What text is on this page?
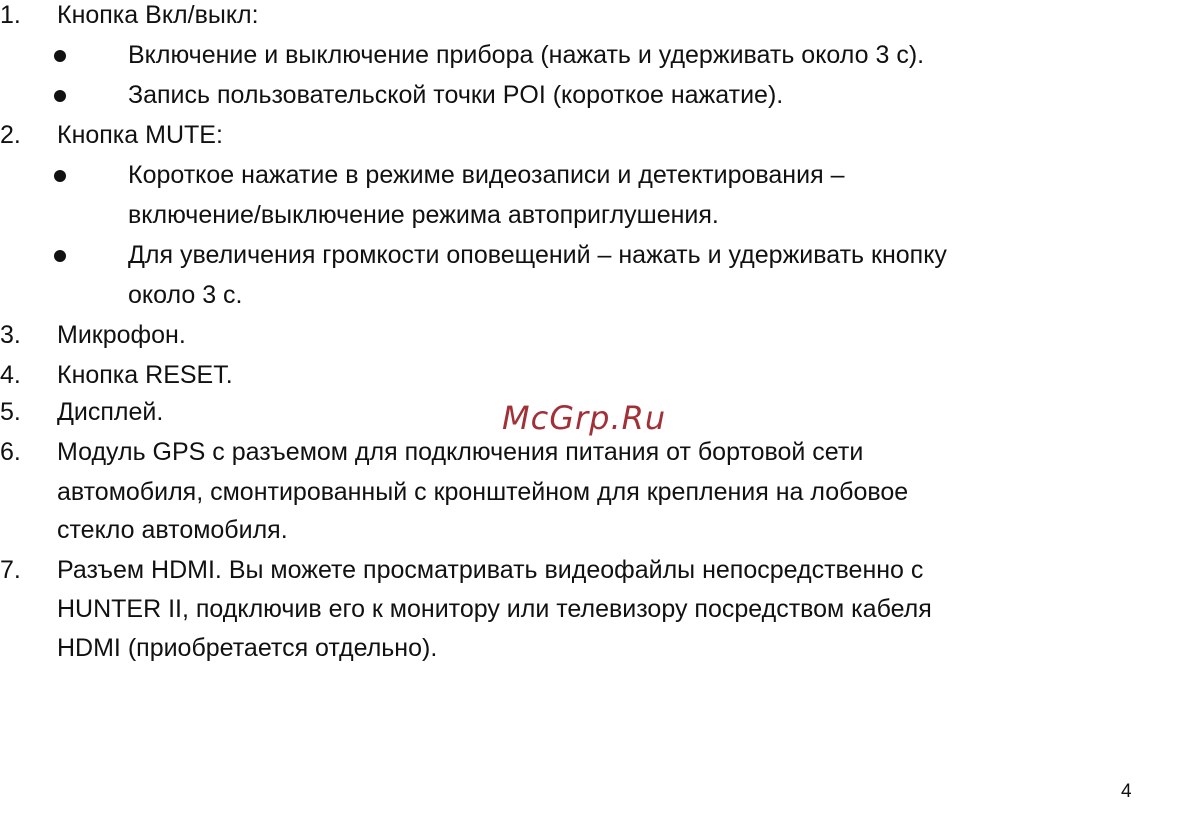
1. Кнопка Вкл/выкл:
Включение и выключение прибора (нажать и удерживать около 3 с).
Запись пользовательской точки POI (короткое нажатие).
2. Кнопка MUTE:
Короткое нажатие в режиме видеозаписи и детектирования –
включение/выключение режима автоприглушения.
Для увеличения громкости оповещений – нажать и удерживать кнопку
около 3 с.
3. Микрофон.
4. Кнопка RESET.
5. Дисплей.
6. Модуль GPS с разъемом для подключения питания от бортовой сети
автомобиля, смонтированный с кронштейном для крепления на лобовое
стекло автомобиля.
7. Разъем HDMI. Вы можете просматривать видеофайлы непосредственно с
HUNTER II, подключив его к монитору или телевизору посредством кабеля
HDMI (приобретается отдельно).
McGrp.Ru
4
